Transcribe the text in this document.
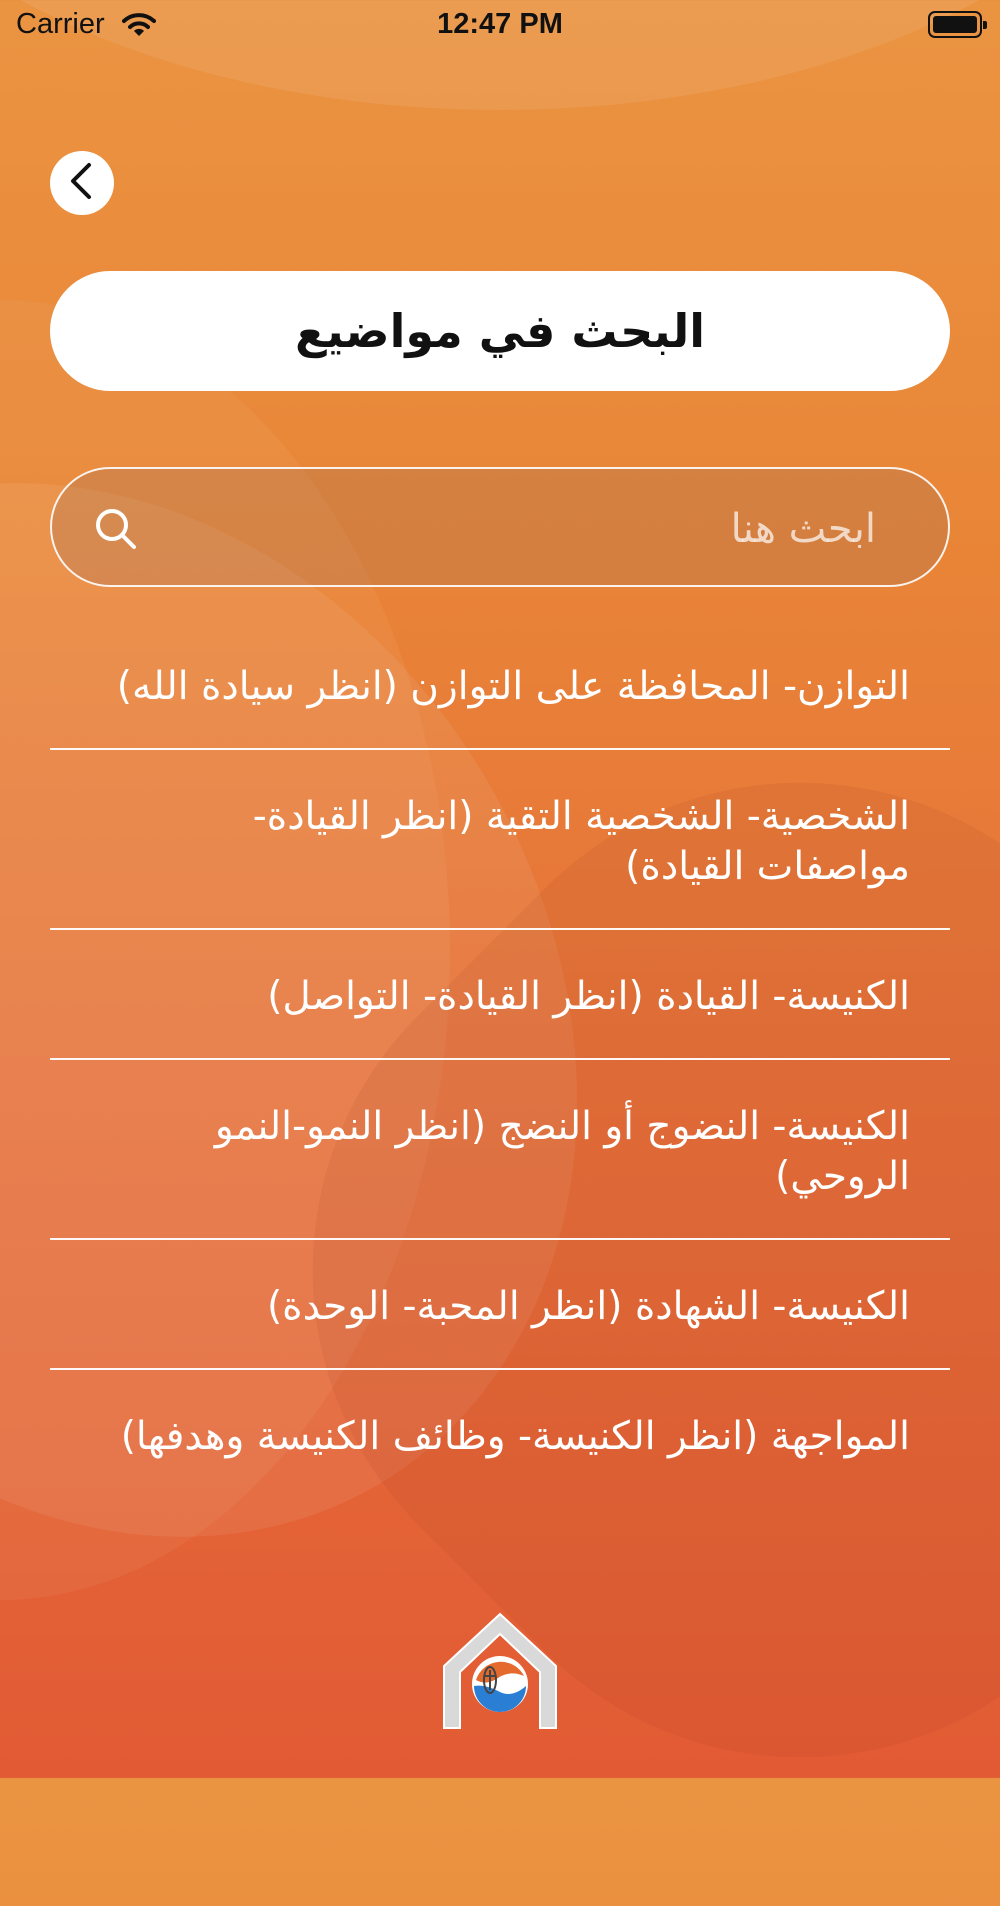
Carrier	12:47 PM
البحث في مواضيع
ابحث هنا
التوازن- المحافظة على التوازن (انظر سيادة الله)
الشخصية- الشخصية التقية (انظر القيادة- مواصفات القيادة)
الكنيسة- القيادة (انظر القيادة- التواصل)
الكنيسة- النضوج أو النضج (انظر النمو-النمو الروحي)
الكنيسة- الشهادة (انظر المحبة- الوحدة)
المواجهة (انظر الكنيسة- وظائف الكنيسة وهدفها)
